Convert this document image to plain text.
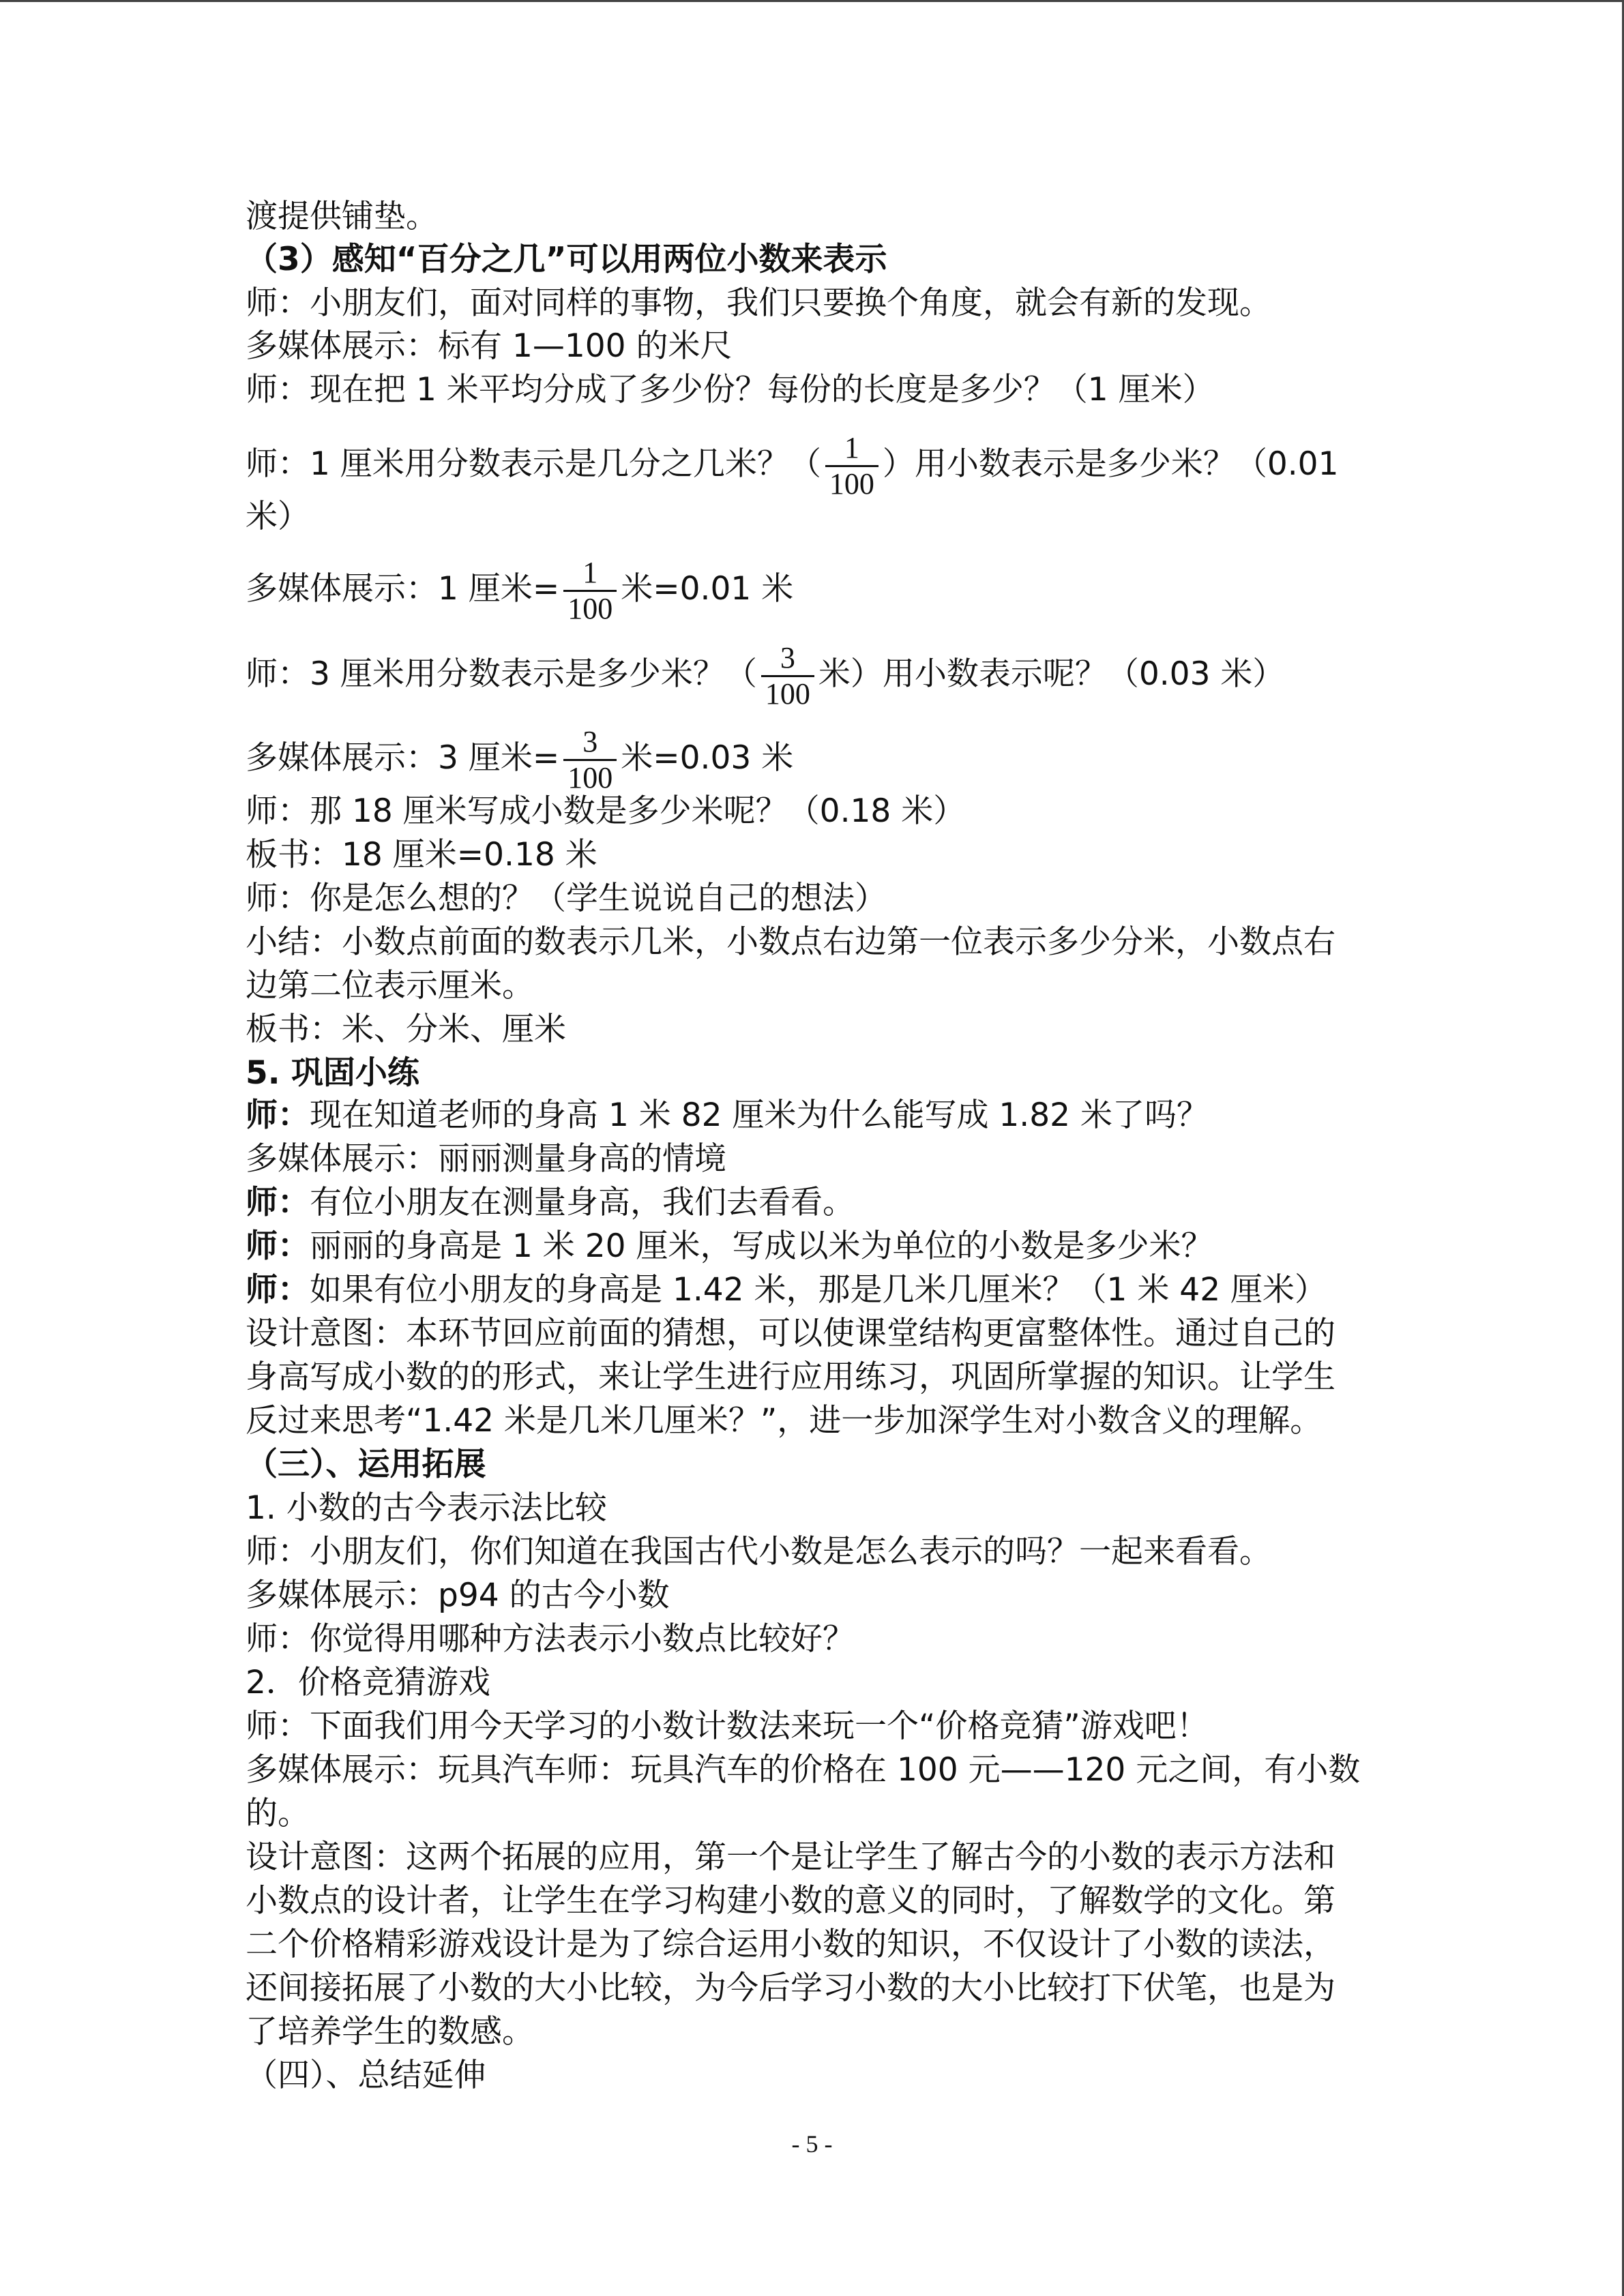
渡提供铺垫。
（3）感知“百分之几”可以用两位小数来表示
师：小朋友们，面对同样的事物，我们只要换个角度，就会有新的发现。
多媒体展示：标有 1—100 的米尺
师：现在把 1 米平均分成了多少份？每份的长度是多少？（1 厘米）
师：1 厘米用分数表示是几分之几米？（ $\frac{1}{100}$ ）用小数表示是多少米？（0.01
米）
多媒体展示：1 厘米= $\frac{1}{100}$ 米=0.01 米
师：3 厘米用分数表示是多少米？（ $\frac{3}{100}$ 米）用小数表示呢？（0.03 米）
多媒体展示：3 厘米= $\frac{3}{100}$ 米=0.03 米
师：那 18 厘米写成小数是多少米呢？（0.18 米）
板书：18 厘米=0.18 米
师：你是怎么想的？（学生说说自己的想法）
小结：小数点前面的数表示几米，小数点右边第一位表示多少分米，小数点右
边第二位表示厘米。
板书：米、分米、厘米
5. 巩固小练
师：现在知道老师的身高 1 米 82 厘米为什么能写成 1.82 米了吗？
多媒体展示：丽丽测量身高的情境
师：有位小朋友在测量身高，我们去看看。
师：丽丽的身高是 1 米 20 厘米，写成以米为单位的小数是多少米？
师：如果有位小朋友的身高是 1.42 米，那是几米几厘米？（1 米 42 厘米）
设计意图：本环节回应前面的猜想，可以使课堂结构更富整体性。通过自己的
身高写成小数的的形式，来让学生进行应用练习，巩固所掌握的知识。让学生
反过来思考“1.42 米是几米几厘米？”，进一步加深学生对小数含义的理解。
（三）、运用拓展
1. 小数的古今表示法比较
师：小朋友们，你们知道在我国古代小数是怎么表示的吗？一起来看看。
多媒体展示：p94 的古今小数
师：你觉得用哪种方法表示小数点比较好？
2．价格竞猜游戏
师：下面我们用今天学习的小数计数法来玩一个“价格竞猜”游戏吧！
多媒体展示：玩具汽车师：玩具汽车的价格在 100 元——120 元之间，有小数
的。
设计意图：这两个拓展的应用，第一个是让学生了解古今的小数的表示方法和
小数点的设计者，让学生在学习构建小数的意义的同时，了解数学的文化。第
二个价格精彩游戏设计是为了综合运用小数的知识，不仅设计了小数的读法，
还间接拓展了小数的大小比较，为今后学习小数的大小比较打下伏笔，也是为
了培养学生的数感。
（四）、总结延伸
- 5 -
